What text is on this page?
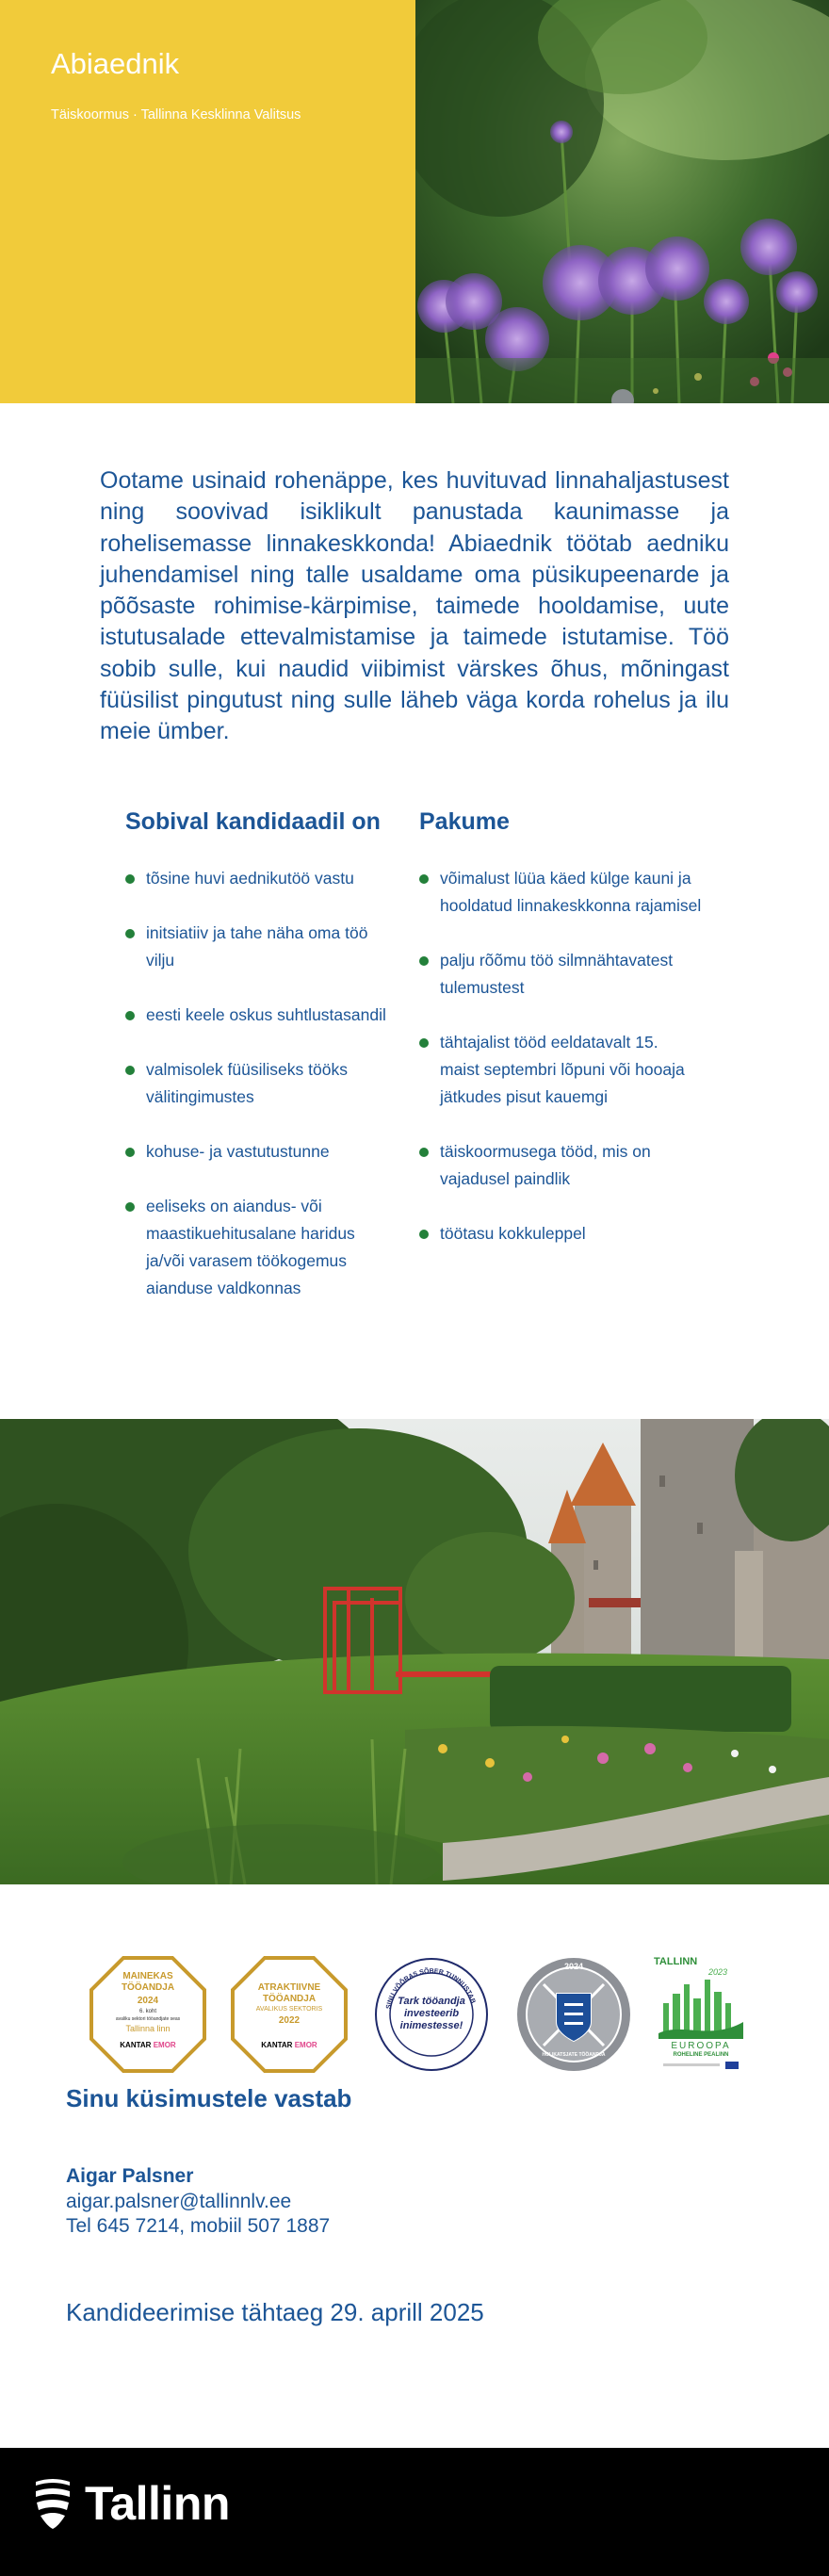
Abiaednik
Täiskoormus · Tallinna Kesklinna Valitsus

Ootame usinaid rohenäppe, kes huvituvad linnahaljastusest ning soovivad isiklikult panustada kaunimasse ja rohelisemasse linnakeskkonda! Abiaednik töötab aedniku juhendamisel ning talle usaldame oma püsikupeenarde ja põõsaste rohimise-kärpimise, taimede hooldamise, uute istutusalade ettevalmistamise ja taimede istutamise. Töö sobib sulle, kui naudid viibimist värskes õhus, mõningast füüsilist pingutust ning sulle läheb väga korda rohelus ja ilu meie ümber.

Sobival kandidaadil on
tõsine huvi aednikutöö vastu
initsiatiiv ja tahe näha oma töö vilju
eesti keele oskus suhtlustasandil
valmisolek füüsiliseks tööks välitingimustes
kohuse- ja vastutustunne
eeliseks on aiandus- või maastikuehitusalane haridus ja/või varasem töökogemus aianduse valdkonnas
Pakume
võimalust lüüa käed külge kauni ja hooldatud linnakeskkonna rajamisel
palju rõõmu töö silmnähtavatest tulemustest
tähtajalist tööd eeldatavalt 15. maist septembri lõpuni või hooaja jätkudes pisut kauemgi
täiskoormusega tööd, mis on vajadusel paindlik
töötasu kokkuleppel
MAINEKAS
TÖÖANDJA
2024
6. koht
avaliku sektori tööandjate seas
Tallinna linn
KANTAR EMOR
ATRAKTIIVNE
TÖÖANDJA
AVALIKUS SEKTORIS
2022
KANTAR EMOR
SINU VÕÕRAS SÕBER TUNNUSTAB
Tark tööandja
investeerib
inimestesse!
2024
HOLIKATSJATE TÖÖANDJA
TALLINN
2023
EUROOPA
ROHELINE PEALINN
Sinu küsimustele vastab
Aigar Palsner
aigar.palsner@tallinnlv.ee
Tel 645 7214, mobiil 507 1887
Kandideerimise tähtaeg 29. aprill 2025
Tallinn
